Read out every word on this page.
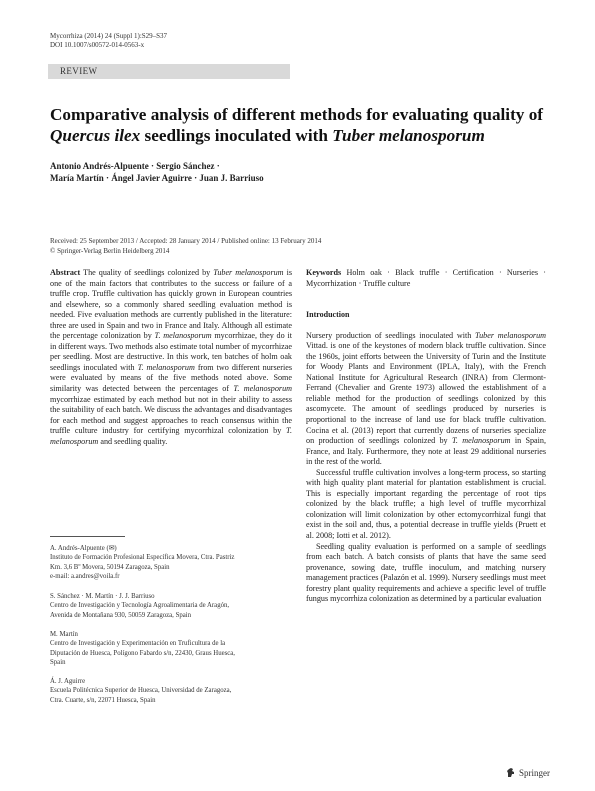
Mycorrhiza (2014) 24 (Suppl 1):S29–S37
DOI 10.1007/s00572-014-0563-x
REVIEW
Comparative analysis of different methods for evaluating quality of Quercus ilex seedlings inoculated with Tuber melanosporum
Antonio Andrés-Alpuente · Sergio Sánchez ·
María Martín · Ángel Javier Aguirre · Juan J. Barriuso
Received: 25 September 2013 / Accepted: 28 January 2014 / Published online: 13 February 2014
© Springer-Verlag Berlin Heidelberg 2014
Abstract The quality of seedlings colonized by Tuber melanosporum is one of the main factors that contributes to the success or failure of a truffle crop. Truffle cultivation has quickly grown in European countries and elsewhere, so a commonly shared seedling evaluation method is needed. Five evaluation methods are currently published in the literature: three are used in Spain and two in France and Italy. Although all estimate the percentage colonization by T. melanosporum mycorrhizae, they do it in different ways. Two methods also estimate total number of mycorrhizae per seedling. Most are destructive. In this work, ten batches of holm oak seedlings inoculated with T. melanosporum from two different nurseries were evaluated by means of the five methods noted above. Some similarity was detected between the percentages of T. melanosporum mycorrhizae estimated by each method but not in their ability to assess the suitability of each batch. We discuss the advantages and disadvantages for each method and suggest approaches to reach consensus within the truffle culture industry for certifying mycorrhizal colonization by T. melanosporum and seedling quality.
A. Andrés-Alpuente (✉)
Instituto de Formación Profesional Específica Movera, Ctra. Pastriz
Km. 3,6 Bº Movera, 50194 Zaragoza, Spain
e-mail: a.andres@voila.fr
S. Sánchez · M. Martín · J. J. Barriuso
Centro de Investigación y Tecnología Agroalimentaria de Aragón,
Avenida de Montañana 930, 50059 Zaragoza, Spain
M. Martín
Centro de Investigación y Experimentación en Truficultura de la
Diputación de Huesca, Polígono Fabardo s/n, 22430, Graus Huesca,
Spain
Á. J. Aguirre
Escuela Politécnica Superior de Huesca, Universidad de Zaragoza,
Ctra. Cuarte, s/n, 22071 Huesca, Spain
Keywords Holm oak · Black truffle · Certification · Nurseries · Mycorrhization · Truffle culture
Introduction

Nursery production of seedlings inoculated with Tuber melanosporum Vittad. is one of the keystones of modern black truffle cultivation. Since the 1960s, joint efforts between the University of Turin and the Institute for Woody Plants and Environment (IPLA, Italy), with the French National Institute for Agricultural Research (INRA) from Clermont-Ferrand (Chevalier and Grente 1973) allowed the establishment of a reliable method for the production of seedlings colonized by this ascomycete. The amount of seedlings produced by nurseries is proportional to the increase of land use for black truffle cultivation. Cocina et al. (2013) report that currently dozens of nurseries specialize on production of seedlings colonized by T. melanosporum in Spain, France, and Italy. Furthermore, they note at least 29 additional nurseries in the rest of the world.

Successful truffle cultivation involves a long-term process, so starting with high quality plant material for plantation establishment is crucial. This is especially important regarding the percentage of root tips colonized by the black truffle; a high level of truffle mycorrhizal colonization will limit colonization by other ectomycorrhizal fungi that exist in the soil and, thus, a potential decrease in truffle yields (Pruett et al. 2008; Iotti et al. 2012).

Seedling quality evaluation is performed on a sample of seedlings from each batch. A batch consists of plants that have the same seed provenance, sowing date, truffle inoculum, and matching nursery management practices (Palazón et al. 1999). Nursery seedlings must meet forestry plant quality requirements and achieve a specific level of truffle fungus mycorrhiza colonization as determined by a particular evaluation

Springer
